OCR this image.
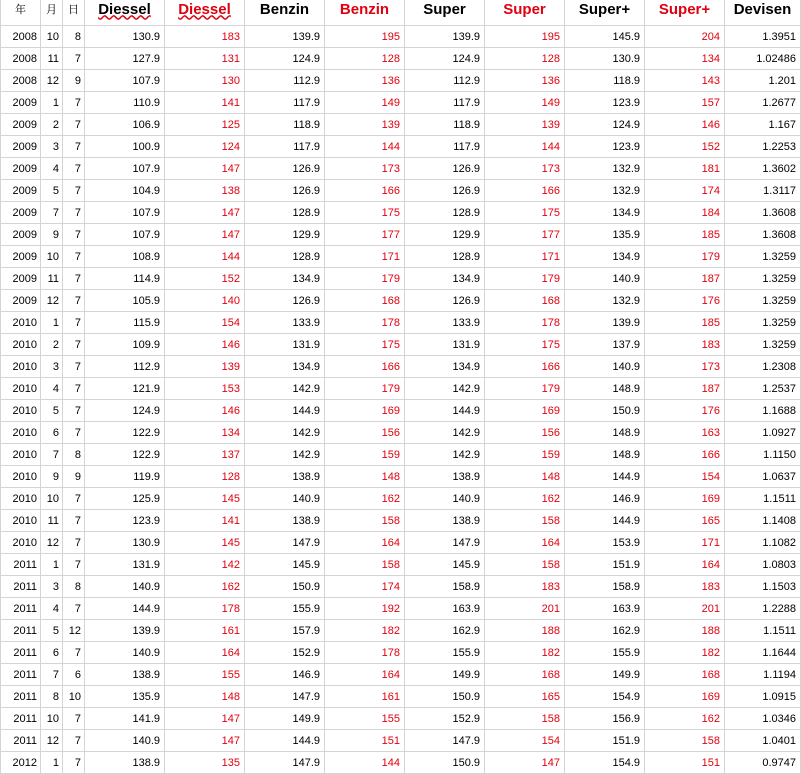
年	月	日	Diessel	Diessel	Benzin	Benzin	Super	Super	Super+	Super+	Devisen
2008	10	8	130.9	183	139.9	195	139.9	195	145.9	204	1.3951
2008	11	7	127.9	131	124.9	128	124.9	128	130.9	134	1.02486
2008	12	9	107.9	130	112.9	136	112.9	136	118.9	143	1.201
2009	1	7	110.9	141	117.9	149	117.9	149	123.9	157	1.2677
2009	2	7	106.9	125	118.9	139	118.9	139	124.9	146	1.167
2009	3	7	100.9	124	117.9	144	117.9	144	123.9	152	1.2253
2009	4	7	107.9	147	126.9	173	126.9	173	132.9	181	1.3602
2009	5	7	104.9	138	126.9	166	126.9	166	132.9	174	1.3117
2009	7	7	107.9	147	128.9	175	128.9	175	134.9	184	1.3608
2009	9	7	107.9	147	129.9	177	129.9	177	135.9	185	1.3608
2009	10	7	108.9	144	128.9	171	128.9	171	134.9	179	1.3259
2009	11	7	114.9	152	134.9	179	134.9	179	140.9	187	1.3259
2009	12	7	105.9	140	126.9	168	126.9	168	132.9	176	1.3259
2010	1	7	115.9	154	133.9	178	133.9	178	139.9	185	1.3259
2010	2	7	109.9	146	131.9	175	131.9	175	137.9	183	1.3259
2010	3	7	112.9	139	134.9	166	134.9	166	140.9	173	1.2308
2010	4	7	121.9	153	142.9	179	142.9	179	148.9	187	1.2537
2010	5	7	124.9	146	144.9	169	144.9	169	150.9	176	1.1688
2010	6	7	122.9	134	142.9	156	142.9	156	148.9	163	1.0927
2010	7	8	122.9	137	142.9	159	142.9	159	148.9	166	1.1150
2010	9	9	119.9	128	138.9	148	138.9	148	144.9	154	1.0637
2010	10	7	125.9	145	140.9	162	140.9	162	146.9	169	1.1511
2010	11	7	123.9	141	138.9	158	138.9	158	144.9	165	1.1408
2010	12	7	130.9	145	147.9	164	147.9	164	153.9	171	1.1082
2011	1	7	131.9	142	145.9	158	145.9	158	151.9	164	1.0803
2011	3	8	140.9	162	150.9	174	158.9	183	158.9	183	1.1503
2011	4	7	144.9	178	155.9	192	163.9	201	163.9	201	1.2288
2011	5	12	139.9	161	157.9	182	162.9	188	162.9	188	1.1511
2011	6	7	140.9	164	152.9	178	155.9	182	155.9	182	1.1644
2011	7	6	138.9	155	146.9	164	149.9	168	149.9	168	1.1194
2011	8	10	135.9	148	147.9	161	150.9	165	154.9	169	1.0915
2011	10	7	141.9	147	149.9	155	152.9	158	156.9	162	1.0346
2011	12	7	140.9	147	144.9	151	147.9	154	151.9	158	1.0401
2012	1	7	138.9	135	147.9	144	150.9	147	154.9	151	0.9747
